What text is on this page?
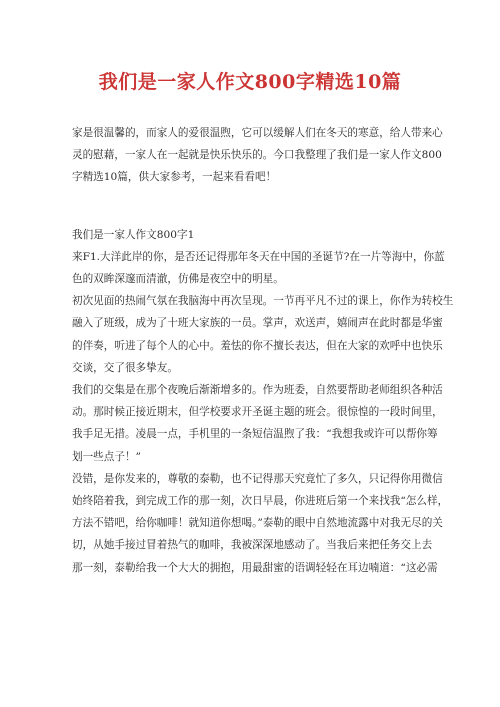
我们是一家人作文800字精选10篇

家是很温馨的，而家人的爱很温煦，它可以缓解人们在冬天的寒意，给人带来心
灵的慰藉，一家人在一起就是快乐快乐的。今口我整理了我们是一家人作文800
字精选10篇，供大家参考，一起来看看吧！

我们是一家人作文800字1

来F1.大洋此岸的你，是否还记得那年冬天在中国的圣诞节?在一片等海中，你蓝
色的双眸深邃而清澈，仿佛是夜空中的明星。

初次见面的热闹气氛在我脑海中再次呈现。一节再平凡不过的课上，你作为转校生
融入了班级，成为了十班大家族的一员。掌声，欢送声，嬉闹声在此时都是华蜜
的伴奏，听进了每个人的心中。羞怯的你不擅长表达，但在大家的欢呼中也快乐
交谈，交了很多挚友。

我们的交集是在那个夜晚后渐渐增多的。作为班委，自然要帮助老师组织各种活
动。那时候正接近期末，但学校要求开圣诞主题的班会。很惊惶的一段时间里，
我手足无措。凌晨一点，手机里的一条短信温煦了我：“我想我或许可以帮你筹
划一些点子！”

没错，是你发来的，尊敬的泰勒，也不记得那天究竟忙了多久，只记得你用微信
始终陪着我，到完成工作的那一刻，次日早晨，你进班后第一个来找我“怎么样，
方法不错吧，给你咖啡！就知道你想喝。”泰勒的眼中自然地流露中对我无尽的关
切，从她手接过冒着热气的咖啡，我被深深地感动了。当我后来把任务交上去
那一刻，泰勒给我一个大大的拥抱，用最甜蜜的语调轻轻在耳边喃道：“这必需
